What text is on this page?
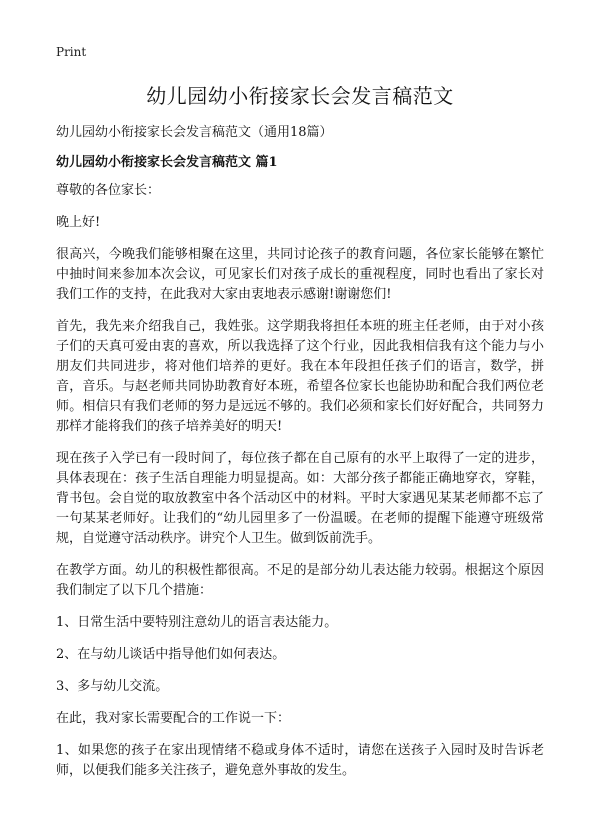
Print
幼儿园幼小衔接家长会发言稿范文
幼儿园幼小衔接家长会发言稿范文（通用18篇）
幼儿园幼小衔接家长会发言稿范文 篇1

尊敬的各位家长：

晚上好!

很高兴，今晚我们能够相聚在这里，共同讨论孩子的教育问题，各位家长能够在繁忙中抽时间来参加本次会议，可见家长们对孩子成长的重视程度，同时也看出了家长对我们工作的支持，在此我对大家由衷地表示感谢!谢谢您们!

首先，我先来介绍我自己，我姓张。这学期我将担任本班的班主任老师，由于对小孩子们的天真可爱由衷的喜欢，所以我选择了这个行业，因此我相信我有这个能力与小朋友们共同进步，将对他们培养的更好。我在本年段担任孩子们的语言，数学，拼音，音乐。与赵老师共同协助教育好本班，希望各位家长也能协助和配合我们两位老师。相信只有我们老师的努力是远远不够的。我们必须和家长们好好配合，共同努力那样才能将我们的孩子培养美好的明天!

现在孩子入学已有一段时间了，每位孩子都在自己原有的水平上取得了一定的进步，具体表现在：孩子生活自理能力明显提高。如：大部分孩子都能正确地穿衣，穿鞋，背书包。会自觉的取放教室中各个活动区中的材料。平时大家遇见某某老师都不忘了一句某某老师好。让我们的“幼儿园里多了一份温暖。在老师的提醒下能遵守班级常规，自觉遵守活动秩序。讲究个人卫生。做到饭前洗手。

在教学方面。幼儿的积极性都很高。不足的是部分幼儿表达能力较弱。根据这个原因我们制定了以下几个措施：

1、日常生活中要特别注意幼儿的语言表达能力。

2、在与幼儿谈话中指导他们如何表达。

3、多与幼儿交流。

在此，我对家长需要配合的工作说一下：

1、如果您的孩子在家出现情绪不稳或身体不适时，请您在送孩子入园时及时告诉老师，以便我们能多关注孩子，避免意外事故的发生。
